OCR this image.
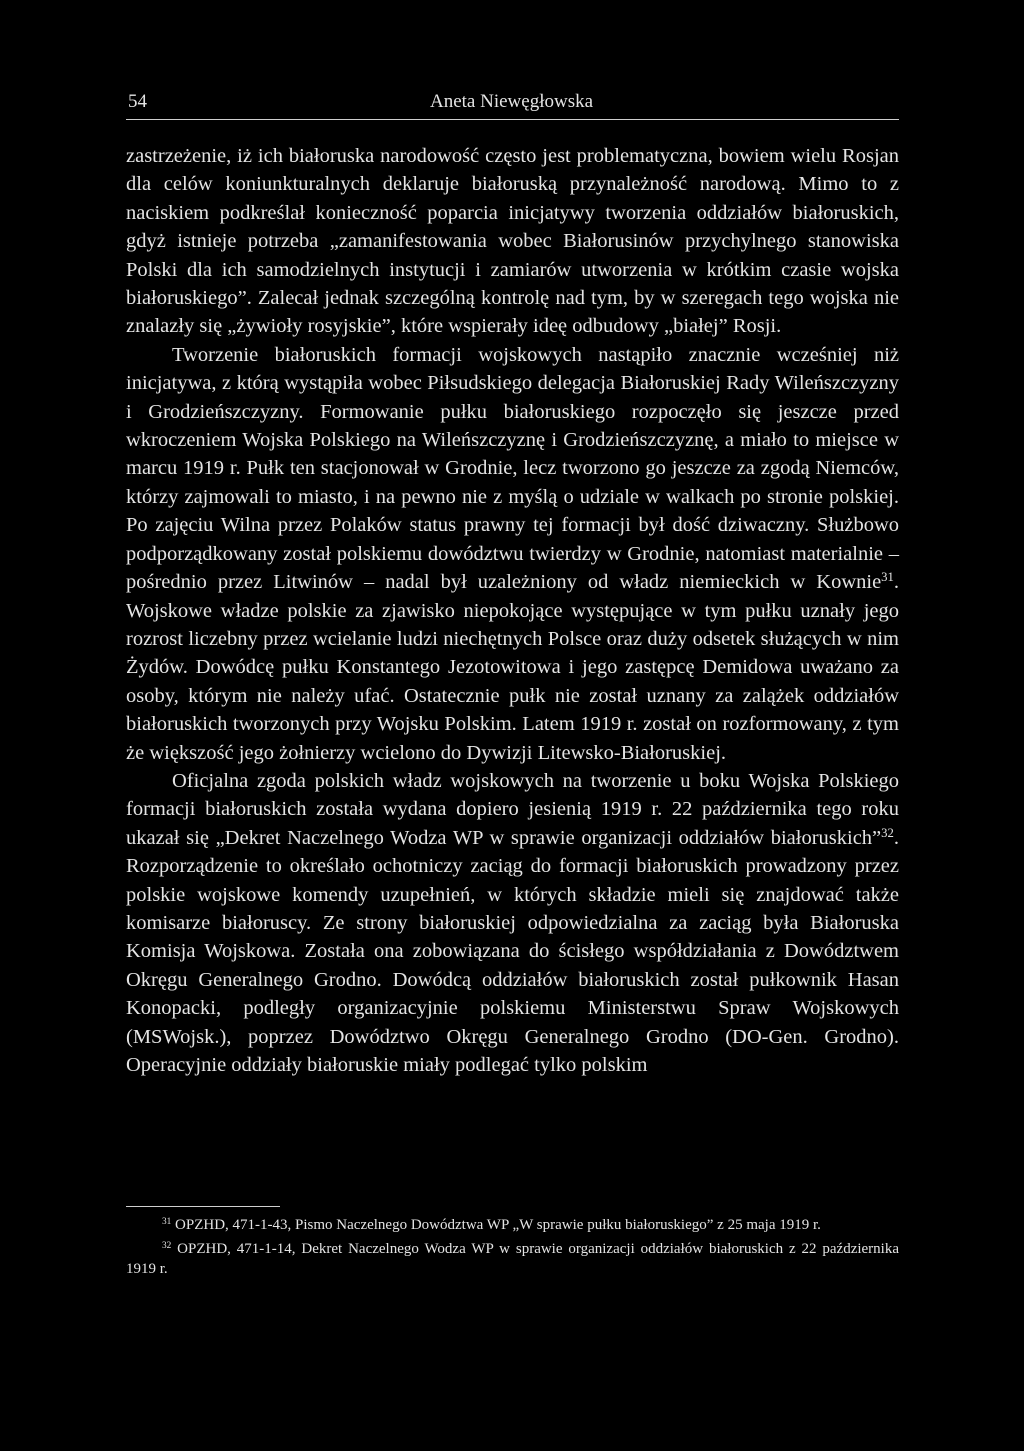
54	Aneta Niewęgłowska

zastrzeżenie, iż ich białoruska narodowość często jest problematyczna, bowiem wielu Rosjan dla celów koniunkturalnych deklaruje białoruską przynależność narodową. Mimo to z naciskiem podkreślał konieczność poparcia inicjatywy tworzenia oddziałów białoruskich, gdyż istnieje potrzeba „zamanifestowania wobec Białorusinów przychylnego stanowiska Polski dla ich samodzielnych instytucji i zamiarów utworzenia w krótkim czasie wojska białoruskiego”. Zalecał jednak szczególną kontrolę nad tym, by w szeregach tego wojska nie znalazły się „żywioły rosyjskie”, które wspierały ideę odbudowy „białej” Rosji.

Tworzenie białoruskich formacji wojskowych nastąpiło znacznie wcześniej niż inicjatywa, z którą wystąpiła wobec Piłsudskiego delegacja Białoruskiej Rady Wileńszczyzny i Grodzieńszczyzny. Formowanie pułku białoruskiego rozpoczęło się jeszcze przed wkroczeniem Wojska Polskiego na Wileńszczyznę i Grodzieńszczyznę, a miało to miejsce w marcu 1919 r. Pułk ten stacjonował w Grodnie, lecz tworzono go jeszcze za zgodą Niemców, którzy zajmowali to miasto, i na pewno nie z myślą o udziale w walkach po stronie polskiej. Po zajęciu Wilna przez Polaków status prawny tej formacji był dość dziwaczny. Służbowo podporządkowany został polskiemu dowództwu twierdzy w Grodnie, natomiast materialnie – pośrednio przez Litwinów – nadal był uzależniony od władz niemieckich w Kownie$^{31}$. Wojskowe władze polskie za zjawisko niepokojące występujące w tym pułku uznały jego rozrost liczebny przez wcielanie ludzi niechętnych Polsce oraz duży odsetek służących w nim Żydów. Dowódcę pułku Konstantego Jezotowitowa i jego zastępcę Demidowa uważano za osoby, którym nie należy ufać. Ostatecznie pułk nie został uznany za zalążek oddziałów białoruskich tworzonych przy Wojsku Polskim. Latem 1919 r. został on rozformowany, z tym że większość jego żołnierzy wcielono do Dywizji Litewsko-Białoruskiej.

Oficjalna zgoda polskich władz wojskowych na tworzenie u boku Wojska Polskiego formacji białoruskich została wydana dopiero jesienią 1919 r. 22 października tego roku ukazał się „Dekret Naczelnego Wodza WP w sprawie organizacji oddziałów białoruskich”$^{32}$. Rozporządzenie to określało ochotniczy zaciąg do formacji białoruskich prowadzony przez polskie wojskowe komendy uzupełnień, w których składzie mieli się znajdować także komisarze białoruscy. Ze strony białoruskiej odpowiedzialna za zaciąg była Białoruska Komisja Wojskowa. Została ona zobowiązana do ścisłego współdziałania z Dowództwem Okręgu Generalnego Grodno. Dowódcą oddziałów białoruskich został pułkownik Hasan Konopacki, podległy organizacyjnie polskiemu Ministerstwu Spraw Wojskowych (MSWojsk.), poprzez Dowództwo Okręgu Generalnego Grodno (DO-Gen. Grodno). Operacyjnie oddziały białoruskie miały podlegać tylko polskim

$^{31}$ OPZHD, 471-1-43, Pismo Naczelnego Dowództwa WP „W sprawie pułku białoruskiego” z 25 maja 1919 r.

$^{32}$ OPZHD, 471-1-14, Dekret Naczelnego Wodza WP w sprawie organizacji oddziałów białoruskich z 22 października 1919 r.
